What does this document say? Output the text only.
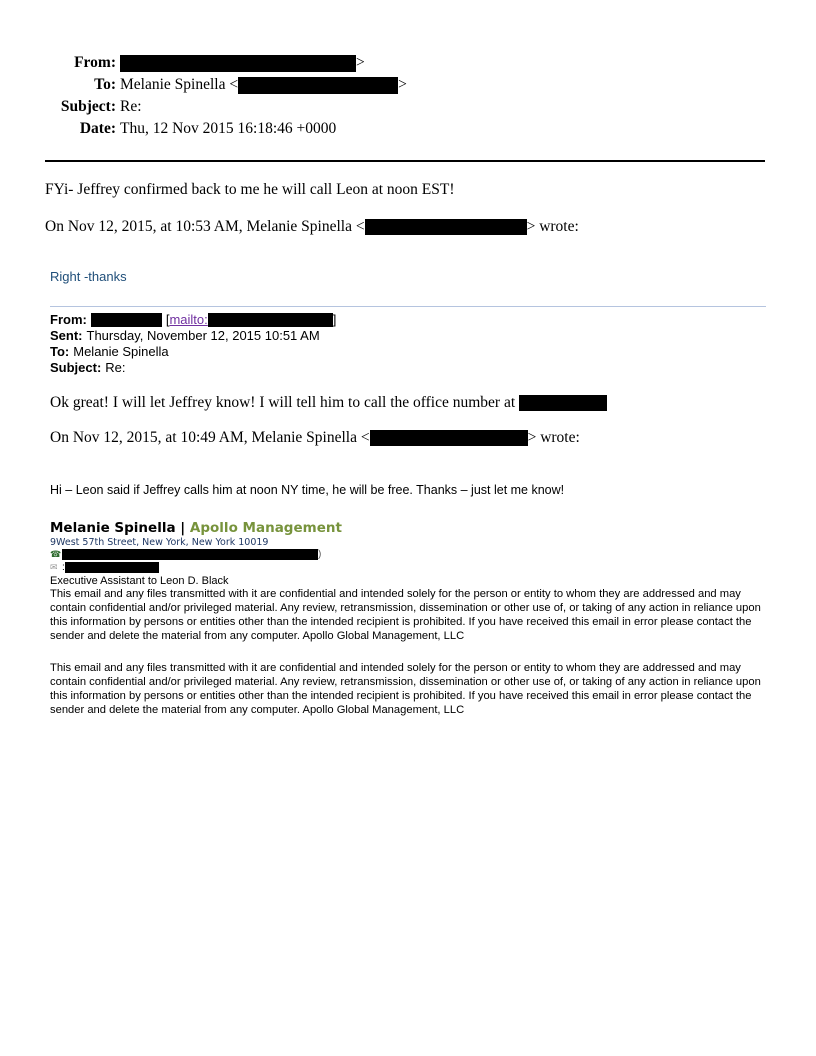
From:	>
To: Melanie Spinella <	>
Subject: Re:
Date: Thu, 12 Nov 2015 16:18:46 +0000
FYi- Jeffrey confirmed back to me he will call Leon at noon EST!
On Nov 12, 2015, at 10:53 AM, Melanie Spinella <	> wrote:
Right -thanks
From:	[ mailto:	]
Sent: Thursday, November 12, 2015 10:51 AM
To: Melanie Spinella
Subject: Re:
Ok great! I will let Jeffrey know! I will tell him to call the office number at
On Nov 12, 2015, at 10:49 AM, Melanie Spinella <	> wrote:
Hi – Leon said if Jeffrey calls him at noon NY time, he will be free. Thanks – just let me know!
Melanie Spinella | Apollo Management
9West 57th Street, New York, New York 10019
☎	)
✉ :
Executive Assistant to Leon D. Black
This email and any files transmitted with it are confidential and intended solely for the person or entity to whom they are addressed and may contain confidential and/or privileged material. Any review, retransmission, dissemination or other use of, or taking of any action in reliance upon this information by persons or entities other than the intended recipient is prohibited. If you have received this email in error please contact the sender and delete the material from any computer. Apollo Global Management, LLC
This email and any files transmitted with it are confidential and intended solely for the person or entity to whom they are addressed and may contain confidential and/or privileged material. Any review, retransmission, dissemination or other use of, or taking of any action in reliance upon this information by persons or entities other than the intended recipient is prohibited. If you have received this email in error please contact the sender and delete the material from any computer. Apollo Global Management, LLC
